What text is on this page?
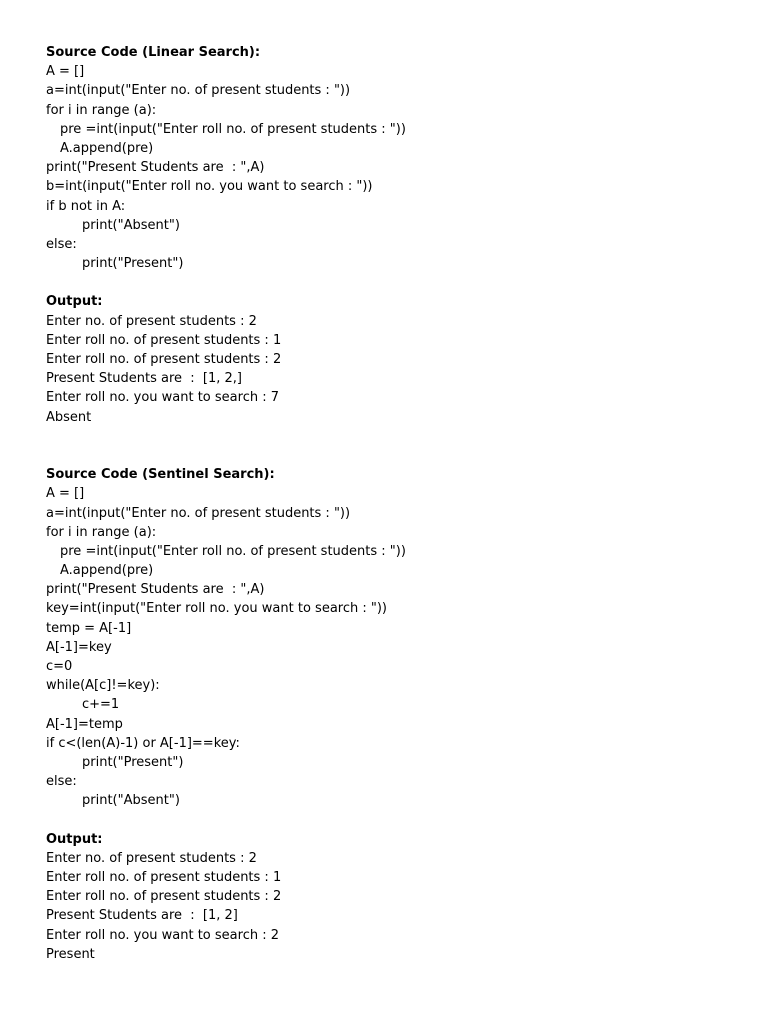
Source Code (Linear Search):
A = []
a=int(input("Enter no. of present students : "))
for i in range (a):
pre =int(input("Enter roll no. of present students : "))
A.append(pre)
print("Present Students are  : ",A)
b=int(input("Enter roll no. you want to search : "))
if b not in A:
print("Absent")
else:
print("Present")
Output:
Enter no. of present students : 2
Enter roll no. of present students : 1
Enter roll no. of present students : 2
Present Students are  :  [1, 2,]
Enter roll no. you want to search : 7
Absent
Source Code (Sentinel Search):
A = []
a=int(input("Enter no. of present students : "))
for i in range (a):
pre =int(input("Enter roll no. of present students : "))
A.append(pre)
print("Present Students are  : ",A)
key=int(input("Enter roll no. you want to search : "))
temp = A[-1]
A[-1]=key
c=0
while(A[c]!=key):
c+=1
A[-1]=temp
if c<(len(A)-1) or A[-1]==key:
print("Present")
else:
print("Absent")
Output:
Enter no. of present students : 2
Enter roll no. of present students : 1
Enter roll no. of present students : 2
Present Students are  :  [1, 2]
Enter roll no. you want to search : 2
Present
